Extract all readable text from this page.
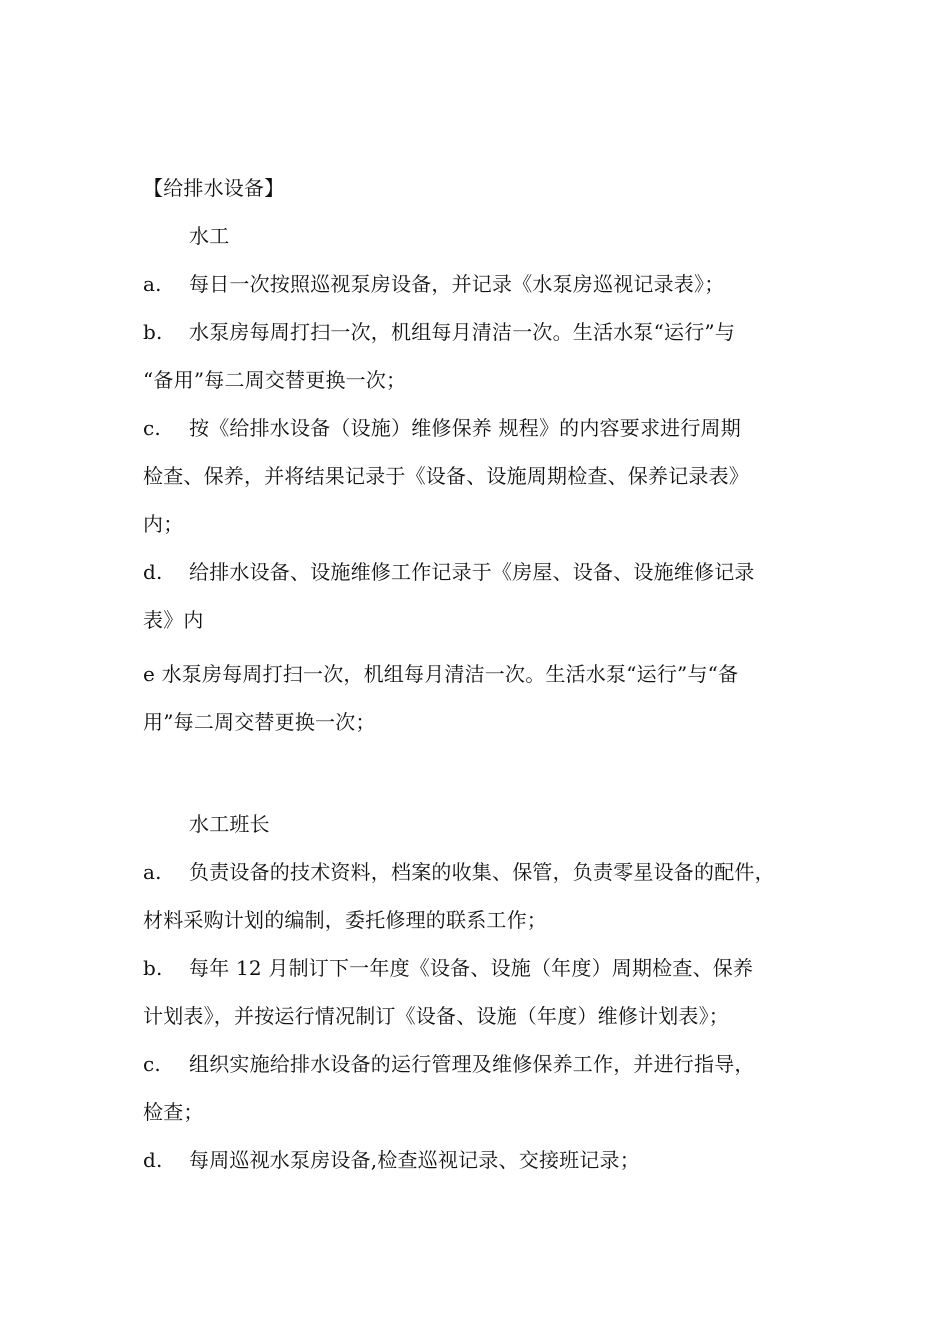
【给排水设备】
水工
a.	每日一次按照巡视泵房设备，并记录《水泵房巡视记录表》；
b.	水泵房每周打扫一次，机组每月清洁一次。生活水泵“运行”与
“备用”每二周交替更换一次；
c.	按《给排水设备（设施）维修保养 规程》的内容要求进行周期
检查、保养，并将结果记录于《设备、设施周期检查、保养记录表》
内；
d.	给排水设备、设施维修工作记录于《房屋、设备、设施维修记录
表》内
e 水泵房每周打扫一次，机组每月清洁一次。生活水泵“运行”与“备
用”每二周交替更换一次；
水工班长
a.	负责设备的技术资料，档案的收集、保管，负责零星设备的配件，
材料采购计划的编制，委托修理的联系工作；
b.	每年 12 月制订下一年度《设备、设施（年度）周期检查、保养
计划表》，并按运行情况制订《设备、设施（年度）维修计划表》；
c.	组织实施给排水设备的运行管理及维修保养工作，并进行指导，
检查；
d.	每周巡视水泵房设备,检查巡视记录、交接班记录；
